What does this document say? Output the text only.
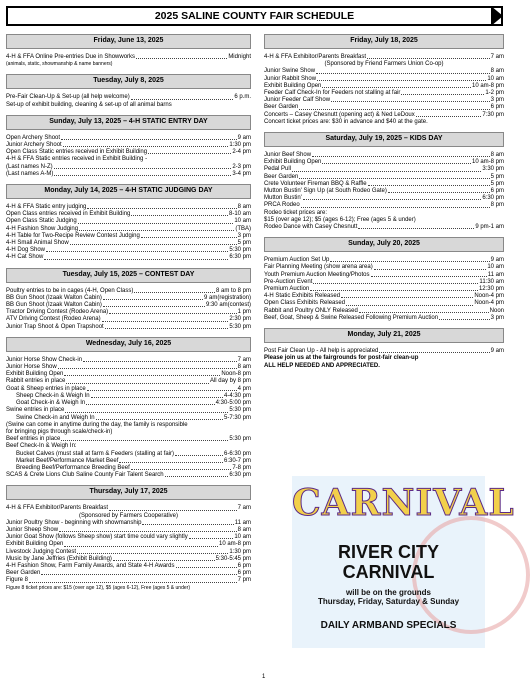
2025 SALINE COUNTY FAIR SCHEDULE
Friday, June 13, 2025
4-H & FFA Online Pre-entries Due in Showworks	Midnight
(animals, static, showmanship & name banners)
Tuesday, July 8, 2025
Pre-Fair Clean-Up & Set-up (all help welcome)	6 p.m.
Set-up of exhibit building, cleaning & set-up of all animal barns
Sunday, July 13, 2025 – 4-H STATIC ENTRY DAY
Open Archery Shoot	9 am
Junior Archery Shoot	1:30 pm
Open Class Static entries received in Exhibit Building	2-4 pm
4-H & FFA Static entries received in Exhibit Building -
(Last names N-Z)	2-3 pm
(Last names A-M)	3-4 pm
Monday, July 14, 2025 – 4-H STATIC JUDGING DAY
4-H & FFA Static entry judging	8 am
Open Class entries received in Exhibit Building	8-10 am
Open Class Static Judging	10 am
4-H Fashion Show Judging	(TBA)
4-H Table for Two-Recipe Review Contest Judging	3 pm
4-H Small Animal Show	5 pm
4-H Dog Show	5:30 pm
4-H Cat Show	6:30 pm
Tuesday, July 15, 2025 – CONTEST DAY
Poultry entries to be in cages (4-H, Open Class)	8 am to 8 pm
BB Gun Shoot (Izaak Walton Cabin)	9 am(registration)
BB Gun Shoot (Izaak Walton Cabin)	9:30 am(contest)
Tractor Driving Contest (Rodeo Arena)	1 pm
ATV Driving Contest (Rodeo Arena)	2:30 pm
Junior Trap Shoot & Open Trapshoot	5:30 pm
Wednesday, July 16, 2025
Junior Horse Show Check-in	7 am
Junior Horse Show	8 am
Exhibit Building Open	Noon-8 pm
Rabbit entries in place	All day by 8 pm
Goat & Sheep entries in place	4 pm
Sheep Check-in & Weigh In	4-4:30 pm
Goat Check-in & Weigh In	4:30-5:00 pm
Swine entries in place	5:30 pm
Swine Check-in and Weigh In	5-7:30 pm
(Swine can come in anytime during the day, the family is responsible
for bringing pigs through scale/check-in)
Beef entries in place	5:30 pm
Beef Check-In & Weigh In:
Bucket Calves (must stall at farm & Feeders (stalling at fair)	6-6:30 pm
Market Beef/Performance Market Beef	6:30-7 pm
Breeding Beef/Performance Breeding Beef	7-8 pm
SCAS & Crete Lions Club Saline County Fair Talent Search	6:30 pm
Thursday, July 17, 2025
4-H & FFA Exhibitor/Parents Breakfast	7 am
(Sponsored by Farmers Cooperative)
Junior Poultry Show - beginning with showmanship	11 am
Junior Sheep Show	8 am
Junior Goat Show (follows Sheep show) start time could vary slightly	10 am
Exhibit Building Open	10 am-8 pm
Livestock Judging Contest	1:30 pm
Music by Jane Jeffries (Exhibit Building)	5:30-5:45 pm
4-H Fashion Show, Farm Family Awards, and State 4-H Awards	6 pm
Beer Garden	6 pm
Figure 8	7 pm
Figure 8 ticket prices are: $15 (over age 12), $5 (ages 6-12), Free (ages 5 & under)
Friday, July 18, 2025
4-H & FFA Exhibitor/Parents Breakfast	7 am
(Sponsored by Friend Farmers Union Co-op)
Junior Swine Show	8 am
Junior Rabbit Show	10 am
Exhibit Building Open	10 am-8 pm
Feeder Calf Check-In for Feeders not stalling at fair	1-2 pm
Junior Feeder Calf Show	3 pm
Beer Garden	6 pm
Concerts – Casey Chesnutt (opening act) & Ned LeDoux	7:30 pm
Concert ticket prices are: $30 in advance and $40 at the gate.
Saturday, July 19, 2025 – KIDS DAY
Junior Beef Show	8 am
Exhibit Building Open	10 am-8 pm
Pedal Pull	3:30 pm
Beer Garden	5 pm
Crete Volunteer Fireman BBQ & Raffle	5 pm
Mutton Bustin' Sign Up (at South Rodeo Gate)	6 pm
Mutton Bustin'	6:30 pm
PRCA Rodeo	8 pm
Rodeo ticket prices are:
$15 (over age 12); $5 (ages 6-12); Free (ages 5 & under)
Rodeo Dance with Casey Chesnutt	9 pm-1 am
Sunday, July 20, 2025
Premium Auction Set Up	9 am
Fair Planning Meeting (show arena area)	10 am
Youth Premium Auction Meeting/Photos	11 am
Pre-Auction Event	11:30 am
Premium Auction	12:30 pm
4-H Static Exhibits Released	Noon-4 pm
Open Class Exhibits Released	Noon-4 pm
Rabbit and Poultry ONLY Released	Noon
Beef, Goat, Sheep & Swine Released Following Premium Auction	3 pm
Monday, July 21, 2025
Post Fair Clean Up - All help is appreciated	9 am
Please join us at the fairgrounds for post-fair clean-up
ALL HELP NEEDED AND APPRECIATED.
CARNIVAL
RIVER CITY
CARNIVAL
will be on the grounds
Thursday, Friday, Saturday & Sunday
DAILY ARMBAND SPECIALS
1
